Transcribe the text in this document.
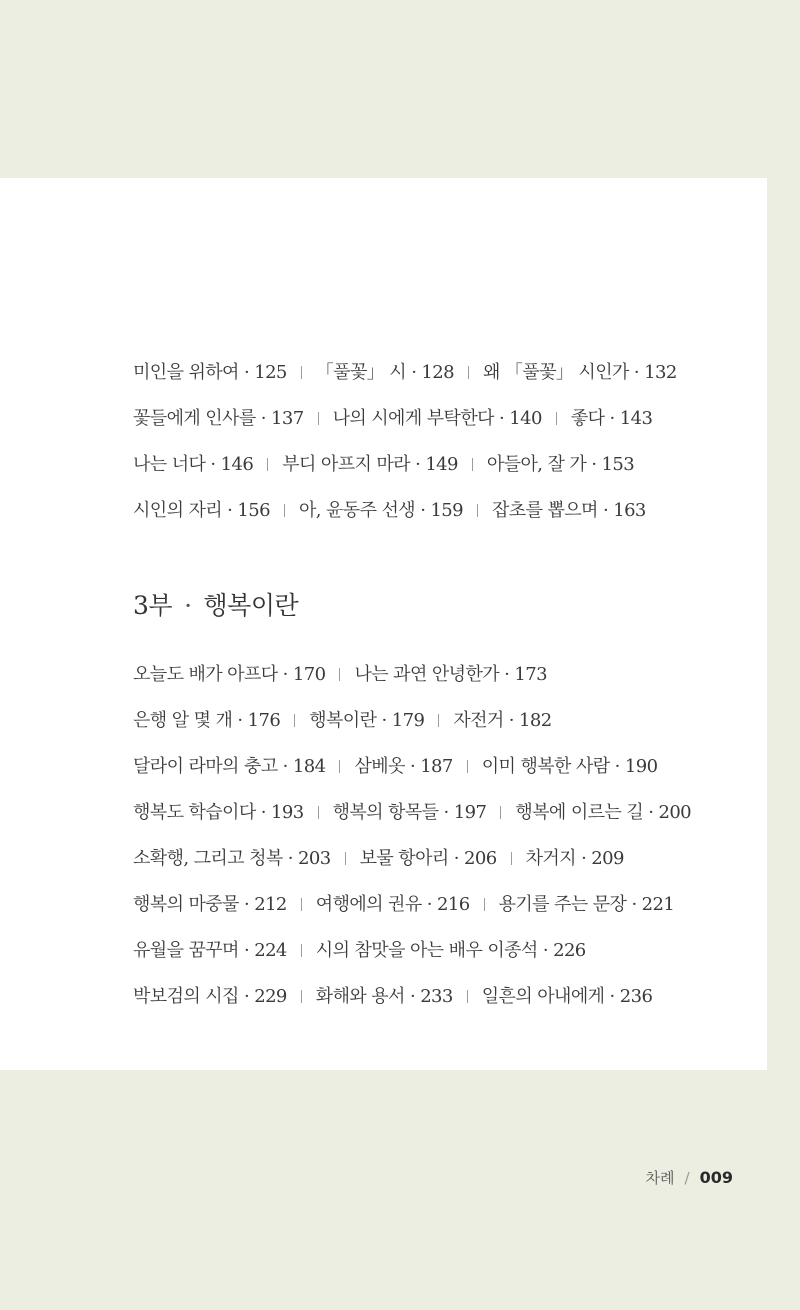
미인을 위하여 · 125 「풀꽃」 시 · 128 왜 「풀꽃」 시인가 · 132
꽃들에게 인사를 · 137 나의 시에게 부탁한다 · 140 좋다 · 143
나는 너다 · 146 부디 아프지 마라 · 149 아들아, 잘 가 · 153
시인의 자리 · 156 아, 윤동주 선생 · 159 잡초를 뽑으며 · 163
3부 · 행복이란
오늘도 배가 아프다 · 170 나는 과연 안녕한가 · 173
은행 알 몇 개 · 176 행복이란 · 179 자전거 · 182
달라이 라마의 충고 · 184 삼베옷 · 187 이미 행복한 사람 · 190
행복도 학습이다 · 193 행복의 항목들 · 197 행복에 이르는 길 · 200
소확행, 그리고 청복 · 203 보물 항아리 · 206 차거지 · 209
행복의 마중물 · 212 여행에의 권유 · 216 용기를 주는 문장 · 221
유월을 꿈꾸며 · 224 시의 참맛을 아는 배우 이종석 · 226
박보검의 시집 · 229 화해와 용서 · 233 일흔의 아내에게 · 236
차례 / 009
